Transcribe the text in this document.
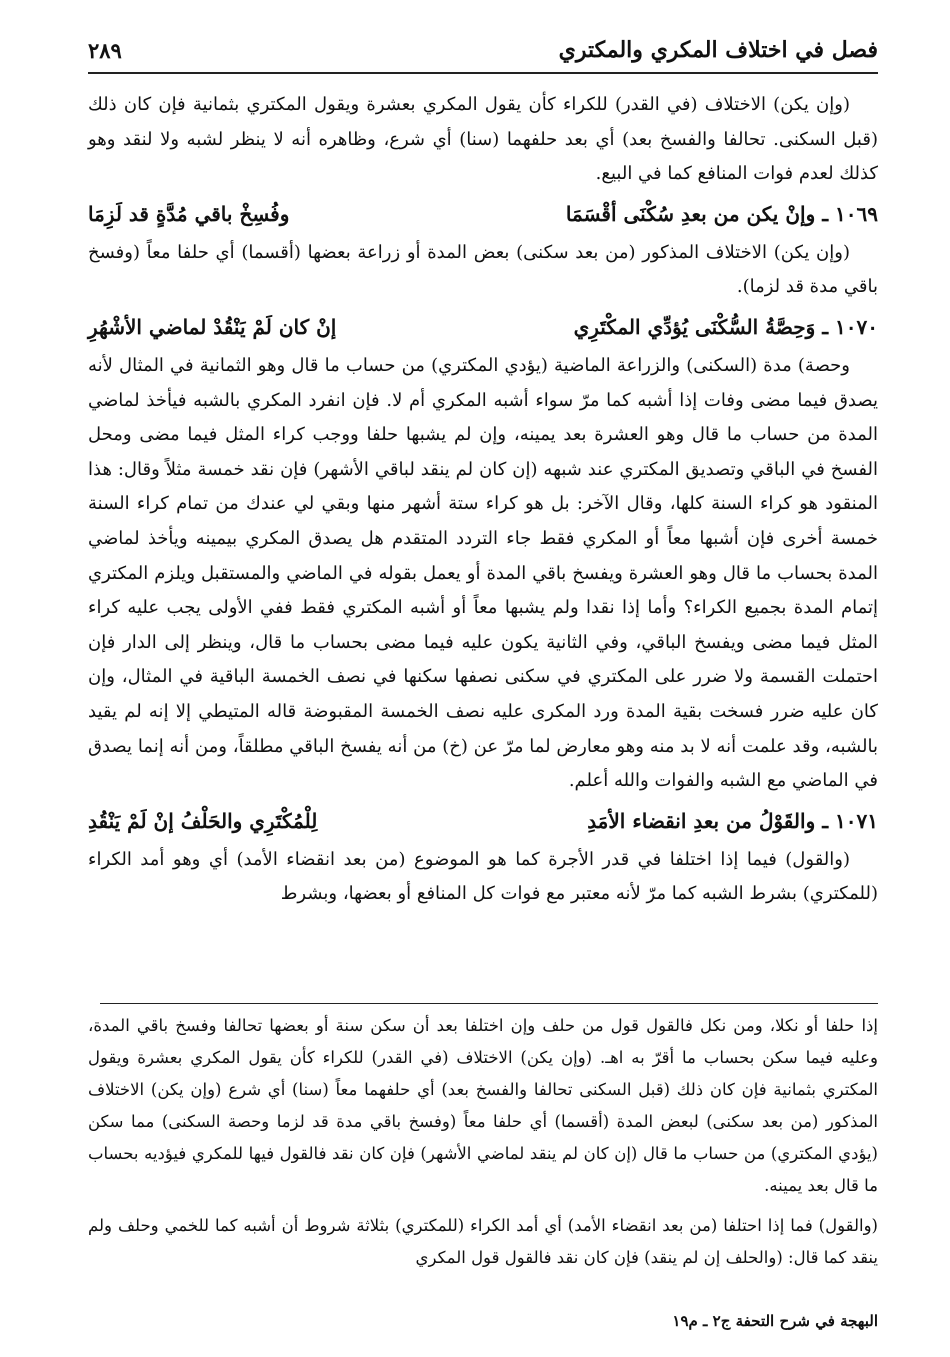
فصل في اختلاف المكري والمكتري
٢٨٩

(وإن يكن) الاختلاف (في القدر) للكراء كأن يقول المكري بعشرة ويقول المكتري بثمانية فإن كان ذلك (قبل السكنى. تحالفا والفسخ بعد) أي بعد حلفهما (سنا) أي شرع، وظاهره أنه لا ينظر لشبه ولا لنقد وهو كذلك لعدم فوات المنافع كما في البيع.

١٠٦٩ ـ وإنْ يكن من بعدِ سُكْنَى أقْسَمَا
وفُسِخْ باقي مُدَّةٍ قد لَزِمَا

(وإن يكن) الاختلاف المذكور (من بعد سكنى) بعض المدة أو زراعة بعضها (أقسما) أي حلفا معاً (وفسخ باقي مدة قد لزما).

١٠٧٠ ـ وَحِصَّةُ السُّكْنَى يُؤدِّي المكْتَرِي
إنْ كان لَمْ يَنْقُدْ لماضي الأشْهُرِ

وحصة) مدة (السكنى) والزراعة الماضية (يؤدي المكتري) من حساب ما قال وهو الثمانية في المثال لأنه يصدق فيما مضى وفات إذا أشبه كما مرّ سواء أشبه المكري أم لا. فإن انفرد المكري بالشبه فيأخذ لماضي المدة من حساب ما قال وهو العشرة بعد يمينه، وإن لم يشبها حلفا ووجب كراء المثل فيما مضى ومحل الفسخ في الباقي وتصديق المكتري عند شبهه (إن كان لم ينقد لباقي الأشهر) فإن نقد خمسة مثلاً وقال: هذا المنقود هو كراء السنة كلها، وقال الآخر: بل هو كراء ستة أشهر منها وبقي لي عندك من تمام كراء السنة خمسة أخرى فإن أشبها معاً أو المكري فقط جاء التردد المتقدم هل يصدق المكري بيمينه ويأخذ لماضي المدة بحساب ما قال وهو العشرة ويفسخ باقي المدة أو يعمل بقوله في الماضي والمستقبل ويلزم المكتري إتمام المدة بجميع الكراء؟ وأما إذا نقدا ولم يشبها معاً أو أشبه المكتري فقط ففي الأولى يجب عليه كراء المثل فيما مضى ويفسخ الباقي، وفي الثانية يكون عليه فيما مضى بحساب ما قال، وينظر إلى الدار فإن احتملت القسمة ولا ضرر على المكتري في سكنى نصفها سكنها في نصف الخمسة الباقية في المثال، وإن كان عليه ضرر فسخت بقية المدة ورد المكرى عليه نصف الخمسة المقبوضة قاله المتيطي إلا إنه لم يقيد بالشبه، وقد علمت أنه لا بد منه وهو معارض لما مرّ عن (خ) من أنه يفسخ الباقي مطلقاً، ومن أنه إنما يصدق في الماضي مع الشبه والفوات والله أعلم.

١٠٧١ ـ والقَوْلُ من بعدِ انقضاء الأمَدِ
لِلْمُكْتَرِي والحَلْفُ إنْ لَمْ يَنْقُدِ

(والقول) فيما إذا اختلفا في قدر الأجرة كما هو الموضوع (من بعد انقضاء الأمد) أي وهو أمد الكراء (للمكتري) بشرط الشبه كما مرّ لأنه معتبر مع فوات كل المنافع أو بعضها، وبشرط

إذا حلفا أو نكلا، ومن نكل فالقول قول من حلف وإن اختلفا بعد أن سكن سنة أو بعضها تحالفا وفسخ باقي المدة، وعليه فيما سكن بحساب ما أقرّ به اهـ. (وإن يكن) الاختلاف (في القدر) للكراء كأن يقول المكري بعشرة ويقول المكتري بثمانية فإن كان ذلك (قبل السكنى تحالفا والفسخ بعد) أي حلفهما معاً (سنا) أي شرع (وإن يكن) الاختلاف المذكور (من بعد سكنى) لبعض المدة (أقسما) أي حلفا معاً (وفسخ باقي مدة قد لزما وحصة السكنى) مما سكن (يؤدي المكتري) من حساب ما قال (إن كان لم ينقد لماضي الأشهر) فإن كان نقد فالقول فيها للمكري فيؤديه بحساب ما قال بعد يمينه.

(والقول) فما إذا احتلفا (من بعد انقضاء الأمد) أي أمد الكراء (للمكتري) بثلاثة شروط أن أشبه كما للخمي وحلف ولم ينقد كما قال: (والحلف إن لم ينقد) فإن كان نقد فالقول قول المكري

البهجة في شرح التحفة ج٢ ـ م١٩
